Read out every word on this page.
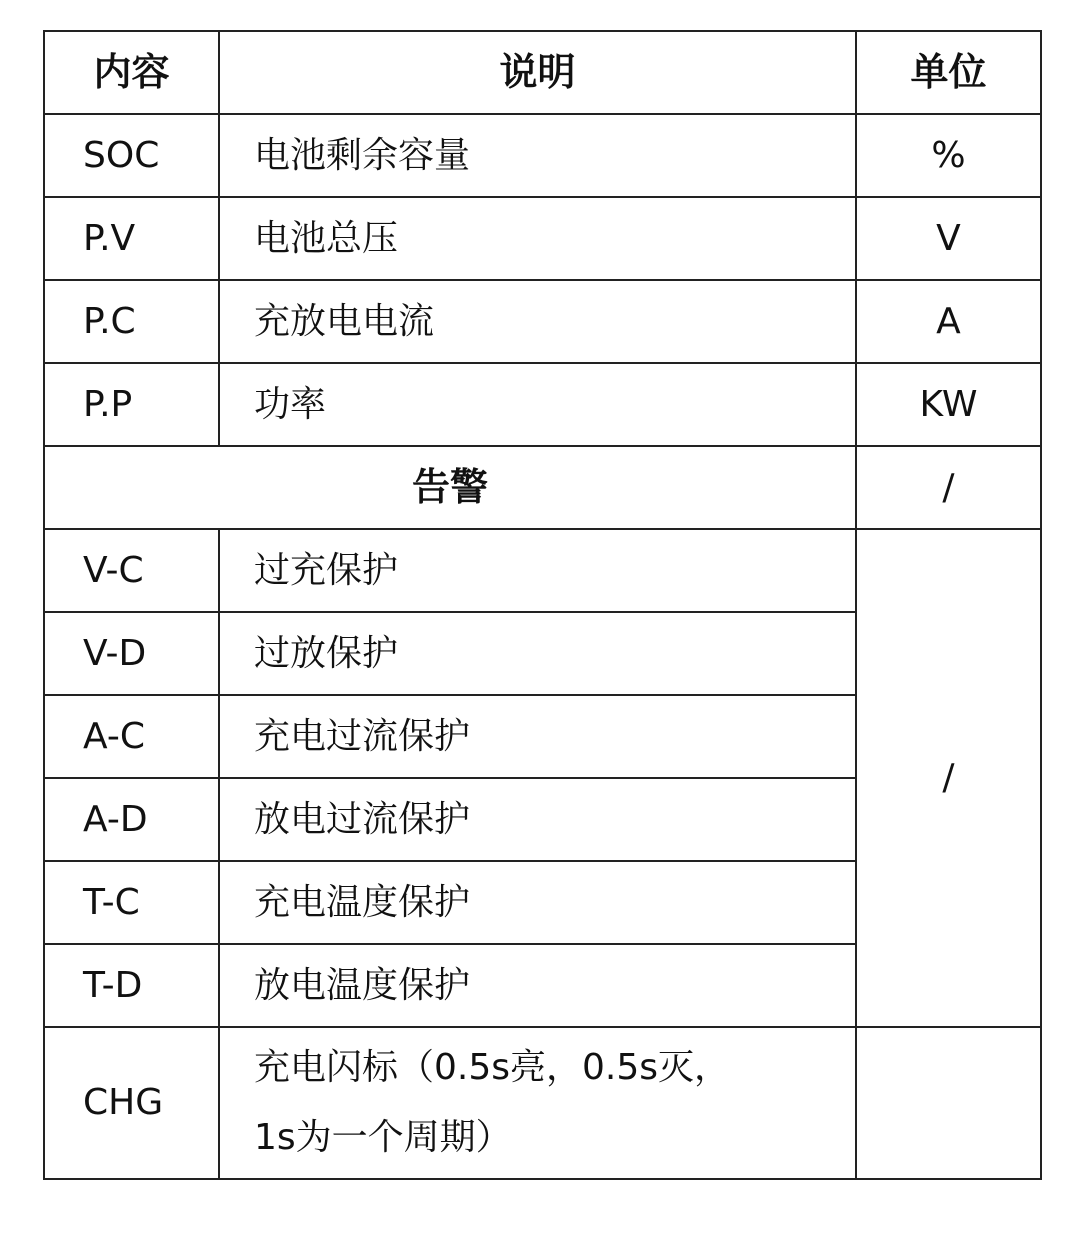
内容	说明	单位
SOC	电池剩余容量	%
P.V	电池总压	V
P.C	充放电电流	A
P.P	功率	KW
告警		/
V-C	过充保护	/
V-D	过放保护	
A-C	充电过流保护	
A-D	放电过流保护	
T-C	充电温度保护	
T-D	放电温度保护	
CHG	充电闪标（0.5s亮，0.5s灭，
1s为一个周期）	
